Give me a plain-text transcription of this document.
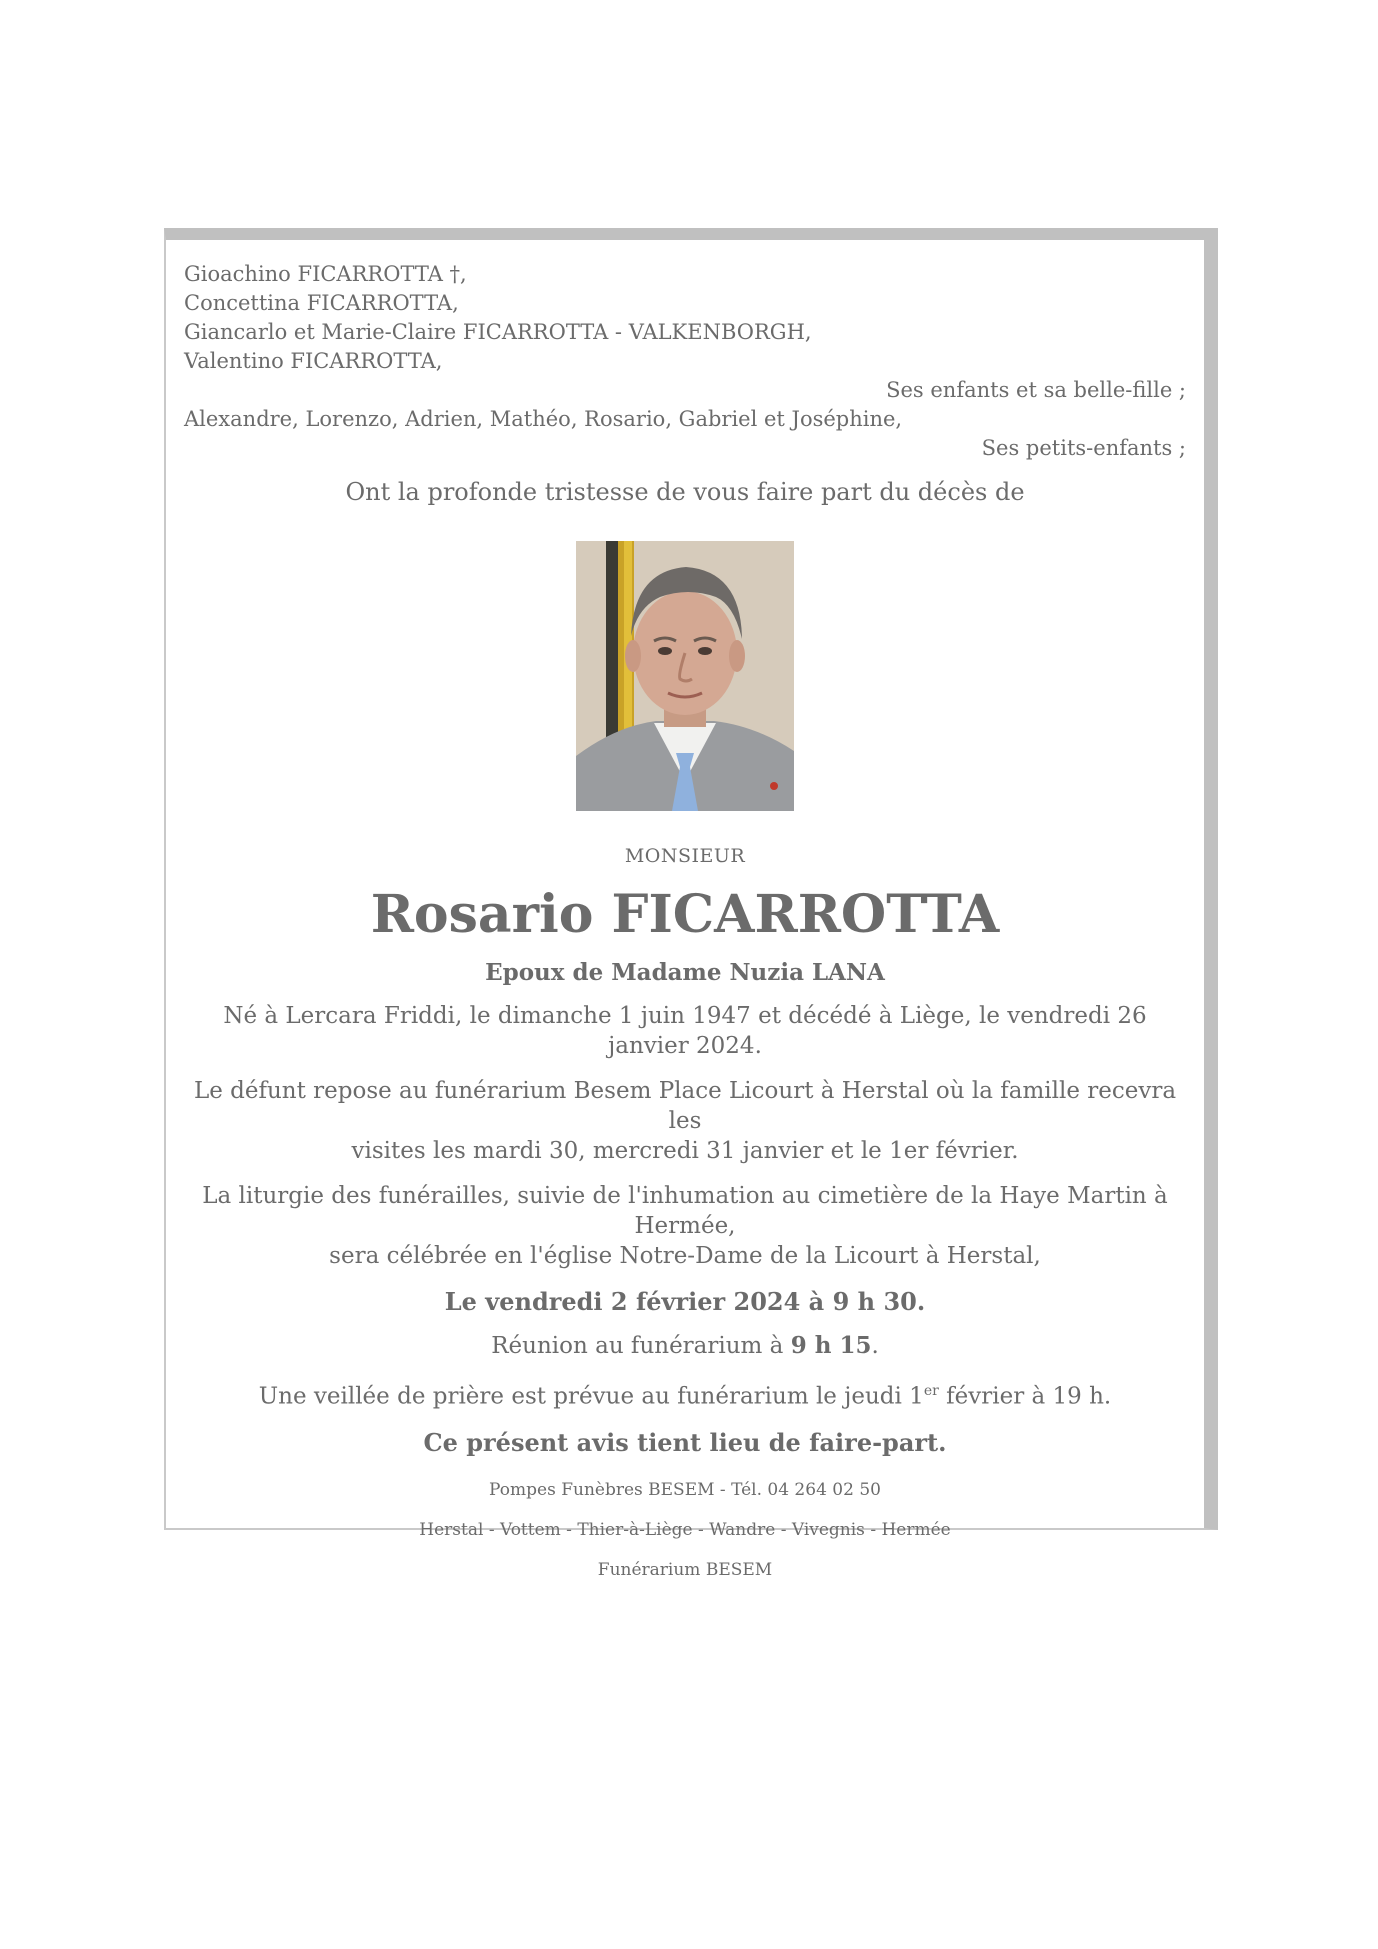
Gioachino FICARROTTA †,
Concettina FICARROTTA,
Giancarlo et Marie-Claire FICARROTTA - VALKENBORGH,
Valentino FICARROTTA,
Ses enfants et sa belle-fille ;
Alexandre, Lorenzo, Adrien, Mathéo, Rosario, Gabriel et Joséphine,
Ses petits-enfants ;
Ont la profonde tristesse de vous faire part du décès de
MONSIEUR
Rosario FICARROTTA
Epoux de Madame Nuzia LANA
Né à Lercara Friddi, le dimanche 1 juin 1947 et décédé à Liège, le vendredi 26 janvier 2024.
Le défunt repose au funérarium Besem Place Licourt à Herstal où la famille recevra les
visites les mardi 30, mercredi 31 janvier et le 1er février.
La liturgie des funérailles, suivie de l'inhumation au cimetière de la Haye Martin à Hermée,
sera célébrée en l'église Notre-Dame de la Licourt à Herstal,
Le vendredi 2 février 2024 à 9 h 30.
Réunion au funérarium à 9 h 15.
Une veillée de prière est prévue au funérarium le jeudi 1er février à 19 h.
Ce présent avis tient lieu de faire-part.
Pompes Funèbres BESEM - Tél. 04 264 02 50
Herstal - Vottem - Thier-à-Liège - Wandre - Vivegnis - Hermée
Funérarium BESEM
